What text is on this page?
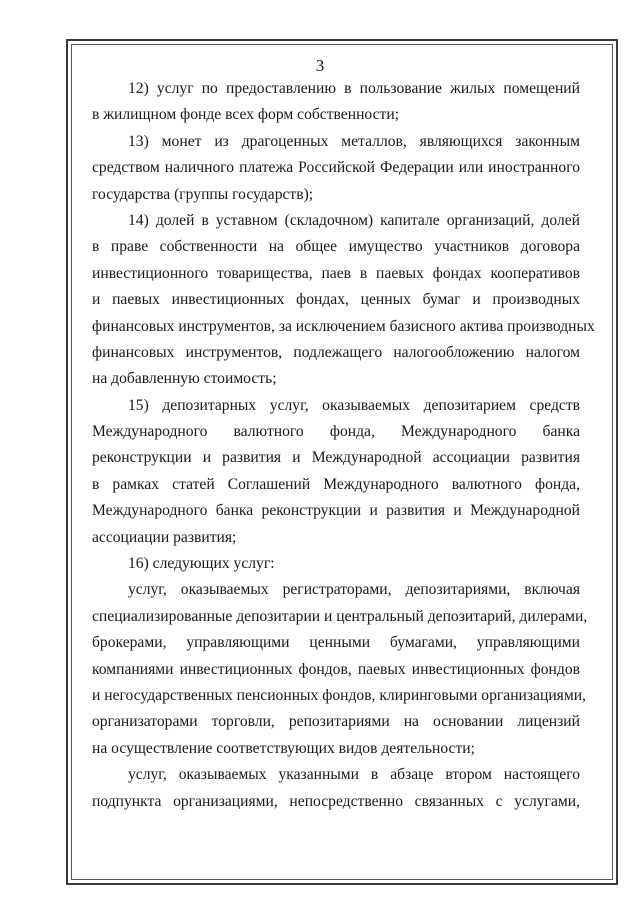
3
12) услуг по предоставлению в пользование жилых помещений
в жилищном фонде всех форм собственности;
13) монет из драгоценных металлов, являющихся законным
средством наличного платежа Российской Федерации или иностранного
государства (группы государств);
14) долей в уставном (складочном) капитале организаций, долей
в праве собственности на общее имущество участников договора
инвестиционного товарищества, паев в паевых фондах кооперативов
и паевых инвестиционных фондах, ценных бумаг и производных
финансовых инструментов, за исключением базисного актива производных
финансовых инструментов, подлежащего налогообложению налогом
на добавленную стоимость;
15) депозитарных услуг, оказываемых депозитарием средств
Международного валютного фонда, Международного банка
реконструкции и развития и Международной ассоциации развития
в рамках статей Соглашений Международного валютного фонда,
Международного банка реконструкции и развития и Международной
ассоциации развития;
16) следующих услуг:
услуг, оказываемых регистраторами, депозитариями, включая
специализированные депозитарии и центральный депозитарий, дилерами,
брокерами, управляющими ценными бумагами, управляющими
компаниями инвестиционных фондов, паевых инвестиционных фондов
и негосударственных пенсионных фондов, клиринговыми организациями,
организаторами торговли, репозитариями на основании лицензий
на осуществление соответствующих видов деятельности;
услуг, оказываемых указанными в абзаце втором настоящего
подпункта организациями, непосредственно связанных с услугами,
